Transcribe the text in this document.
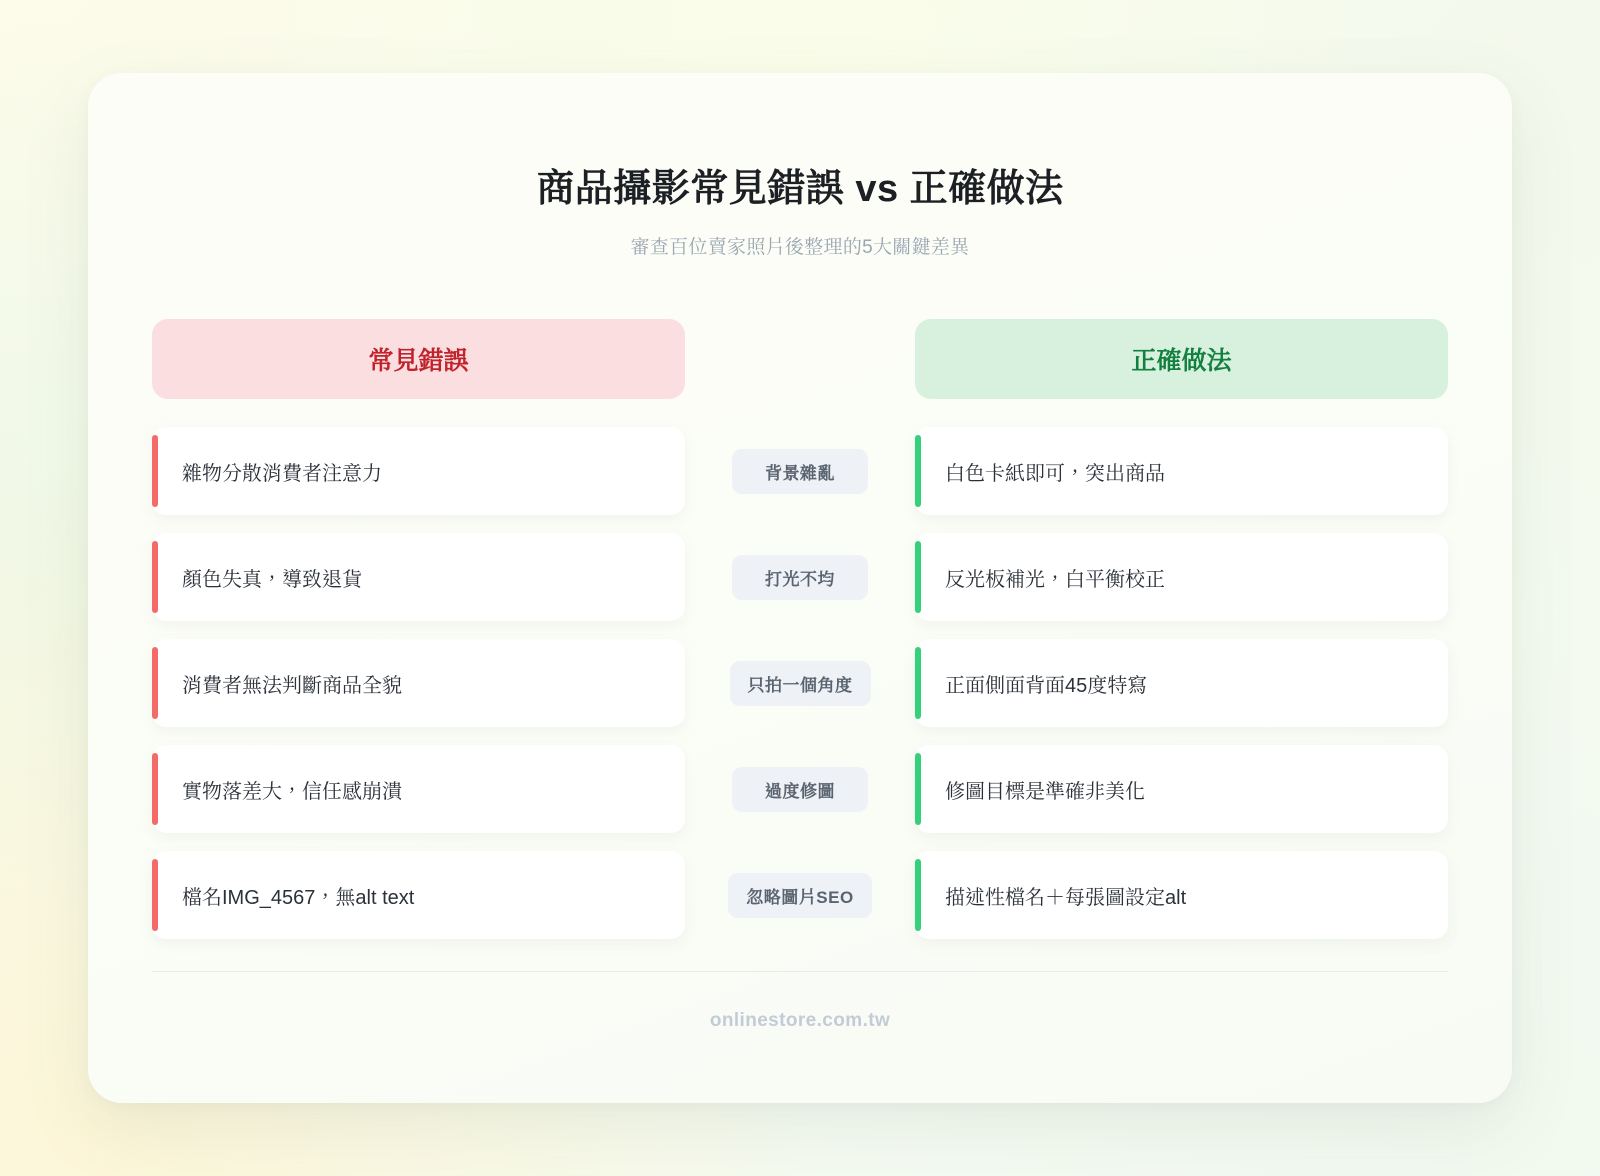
商品攝影常見錯誤 vs 正確做法
審查百位賣家照片後整理的5大關鍵差異
常見錯誤	正確做法
雜物分散消費者注意力	背景雜亂	白色卡紙即可，突出商品
顏色失真，導致退貨	打光不均	反光板補光，白平衡校正
消費者無法判斷商品全貌	只拍一個角度	正面側面背面45度特寫
實物落差大，信任感崩潰	過度修圖	修圖目標是準確非美化
檔名IMG_4567，無alt text	忽略圖片SEO	描述性檔名＋每張圖設定alt
onlinestore.com.tw
